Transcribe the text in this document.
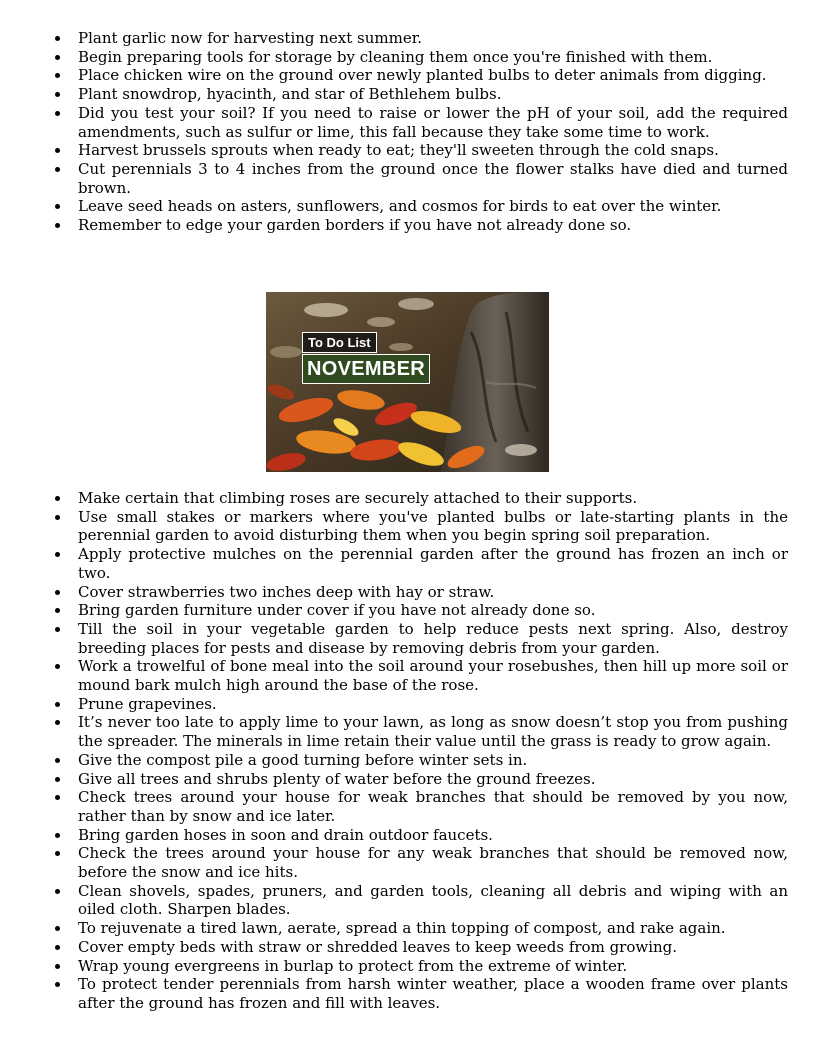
Plant garlic now for harvesting next summer.
Begin preparing tools for storage by cleaning them once you're finished with them.
Place chicken wire on the ground over newly planted bulbs to deter animals from digging.
Plant snowdrop, hyacinth, and star of Bethlehem bulbs.
Did you test your soil? If you need to raise or lower the pH of your soil, add the required amendments, such as sulfur or lime, this fall because they take some time to work.
Harvest brussels sprouts when ready to eat; they'll sweeten through the cold snaps.
Cut perennials 3 to 4 inches from the ground once the flower stalks have died and turned brown.
Leave seed heads on asters, sunflowers, and cosmos for birds to eat over the winter.
Remember to edge your garden borders if you have not already done so.
To Do List
NOVEMBER
Make certain that climbing roses are securely attached to their supports.
Use small stakes or markers where you've planted bulbs or late-starting plants in the perennial garden to avoid disturbing them when you begin spring soil preparation.
Apply protective mulches on the perennial garden after the ground has frozen an inch or two.
Cover strawberries two inches deep with hay or straw.
Bring garden furniture under cover if you have not already done so.
Till the soil in your vegetable garden to help reduce pests next spring. Also, destroy breeding places for pests and disease by removing debris from your garden.
Work a trowelful of bone meal into the soil around your rosebushes, then hill up more soil or mound bark mulch high around the base of the rose.
Prune grapevines.
It’s never too late to apply lime to your lawn, as long as snow doesn’t stop you from pushing the spreader. The minerals in lime retain their value until the grass is ready to grow again.
Give the compost pile a good turning before winter sets in.
Give all trees and shrubs plenty of water before the ground freezes.
Check trees around your house for weak branches that should be removed by you now, rather than by snow and ice later.
Bring garden hoses in soon and drain outdoor faucets.
Check the trees around your house for any weak branches that should be removed now, before the snow and ice hits.
Clean shovels, spades, pruners, and garden tools, cleaning all debris and wiping with an oiled cloth. Sharpen blades.
To rejuvenate a tired lawn, aerate, spread a thin topping of compost, and rake again.
Cover empty beds with straw or shredded leaves to keep weeds from growing.
Wrap young evergreens in burlap to protect from the extreme of winter.
To protect tender perennials from harsh winter weather, place a wooden frame over plants after the ground has frozen and fill with leaves.
